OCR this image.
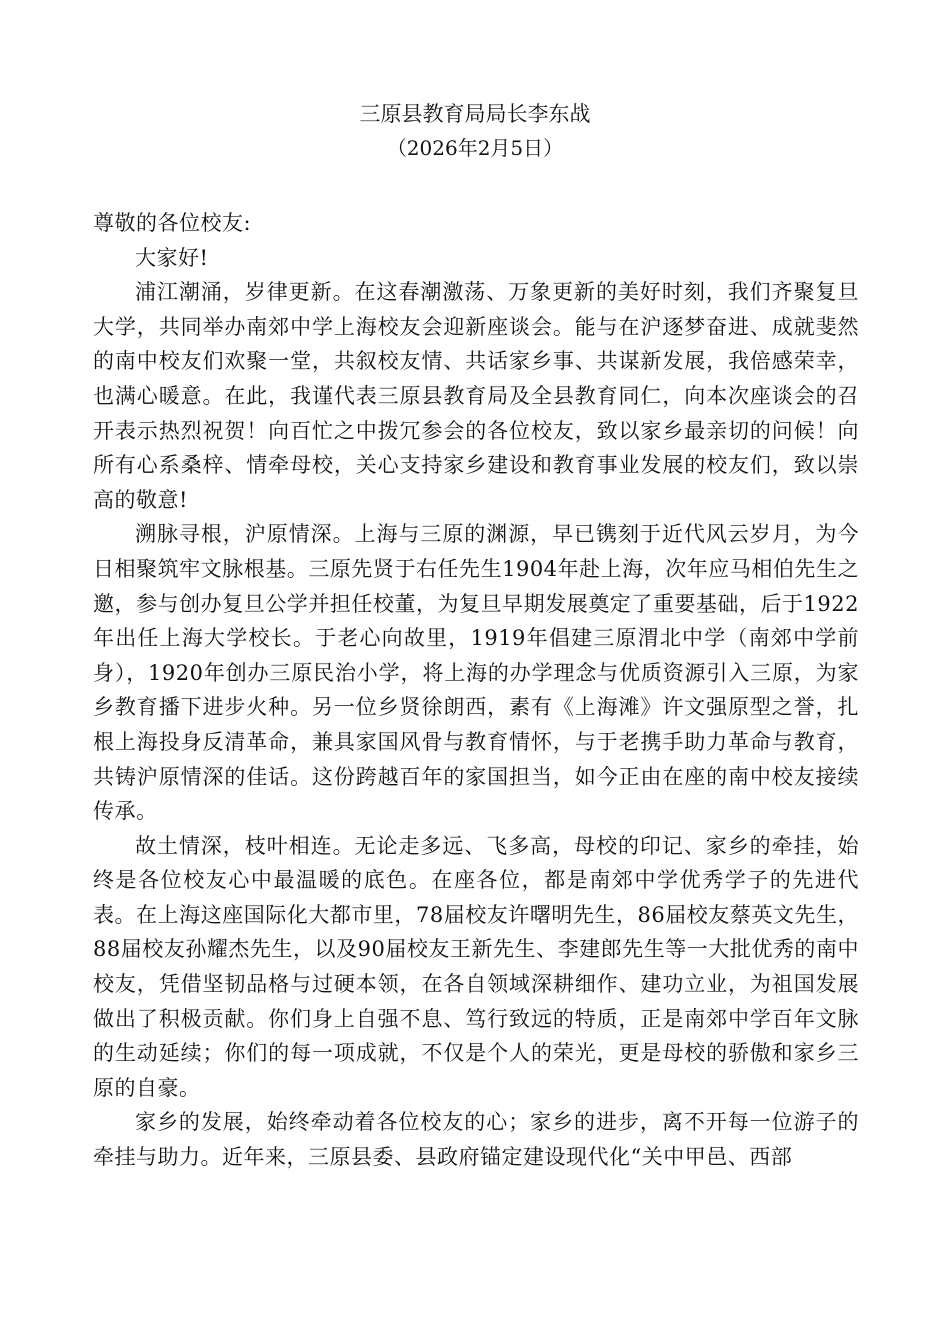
三原县教育局局长李东战
（2026年2月5日）

尊敬的各位校友:

大家好!

浦江潮涌，岁律更新。在这春潮激荡、万象更新的美好时刻，我们齐聚复旦大学，共同举办南郊中学上海校友会迎新座谈会。能与在沪逐梦奋进、成就斐然的南中校友们欢聚一堂，共叙校友情、共话家乡事、共谋新发展，我倍感荣幸，也满心暖意。在此，我谨代表三原县教育局及全县教育同仁，向本次座谈会的召开表示热烈祝贺！向百忙之中拨冗参会的各位校友，致以家乡最亲切的问候！向所有心系桑梓、情牵母校，关心支持家乡建设和教育事业发展的校友们，致以崇高的敬意!

溯脉寻根，沪原情深。上海与三原的渊源，早已镌刻于近代风云岁月，为今日相聚筑牢文脉根基。三原先贤于右任先生1904年赴上海，次年应马相伯先生之邀，参与创办复旦公学并担任校董，为复旦早期发展奠定了重要基础，后于1922年出任上海大学校长。于老心向故里，1919年倡建三原渭北中学（南郊中学前身），1920年创办三原民治小学，将上海的办学理念与优质资源引入三原，为家乡教育播下进步火种。另一位乡贤徐朗西，素有《上海滩》许文强原型之誉，扎根上海投身反清革命，兼具家国风骨与教育情怀，与于老携手助力革命与教育，共铸沪原情深的佳话。这份跨越百年的家国担当，如今正由在座的南中校友接续传承。

故土情深，枝叶相连。无论走多远、飞多高，母校的印记、家乡的牵挂，始终是各位校友心中最温暖的底色。在座各位，都是南郊中学优秀学子的先进代表。在上海这座国际化大都市里，78届校友许曙明先生，86届校友蔡英文先生，88届校友孙耀杰先生，以及90届校友王新先生、李建郎先生等一大批优秀的南中校友，凭借坚韧品格与过硬本领，在各自领域深耕细作、建功立业，为祖国发展做出了积极贡献。你们身上自强不息、笃行致远的特质，正是南郊中学百年文脉的生动延续；你们的每一项成就，不仅是个人的荣光，更是母校的骄傲和家乡三原的自豪。

家乡的发展，始终牵动着各位校友的心；家乡的进步，离不开每一位游子的牵挂与助力。近年来，三原县委、县政府锚定建设现代化“关中甲邑、西部
